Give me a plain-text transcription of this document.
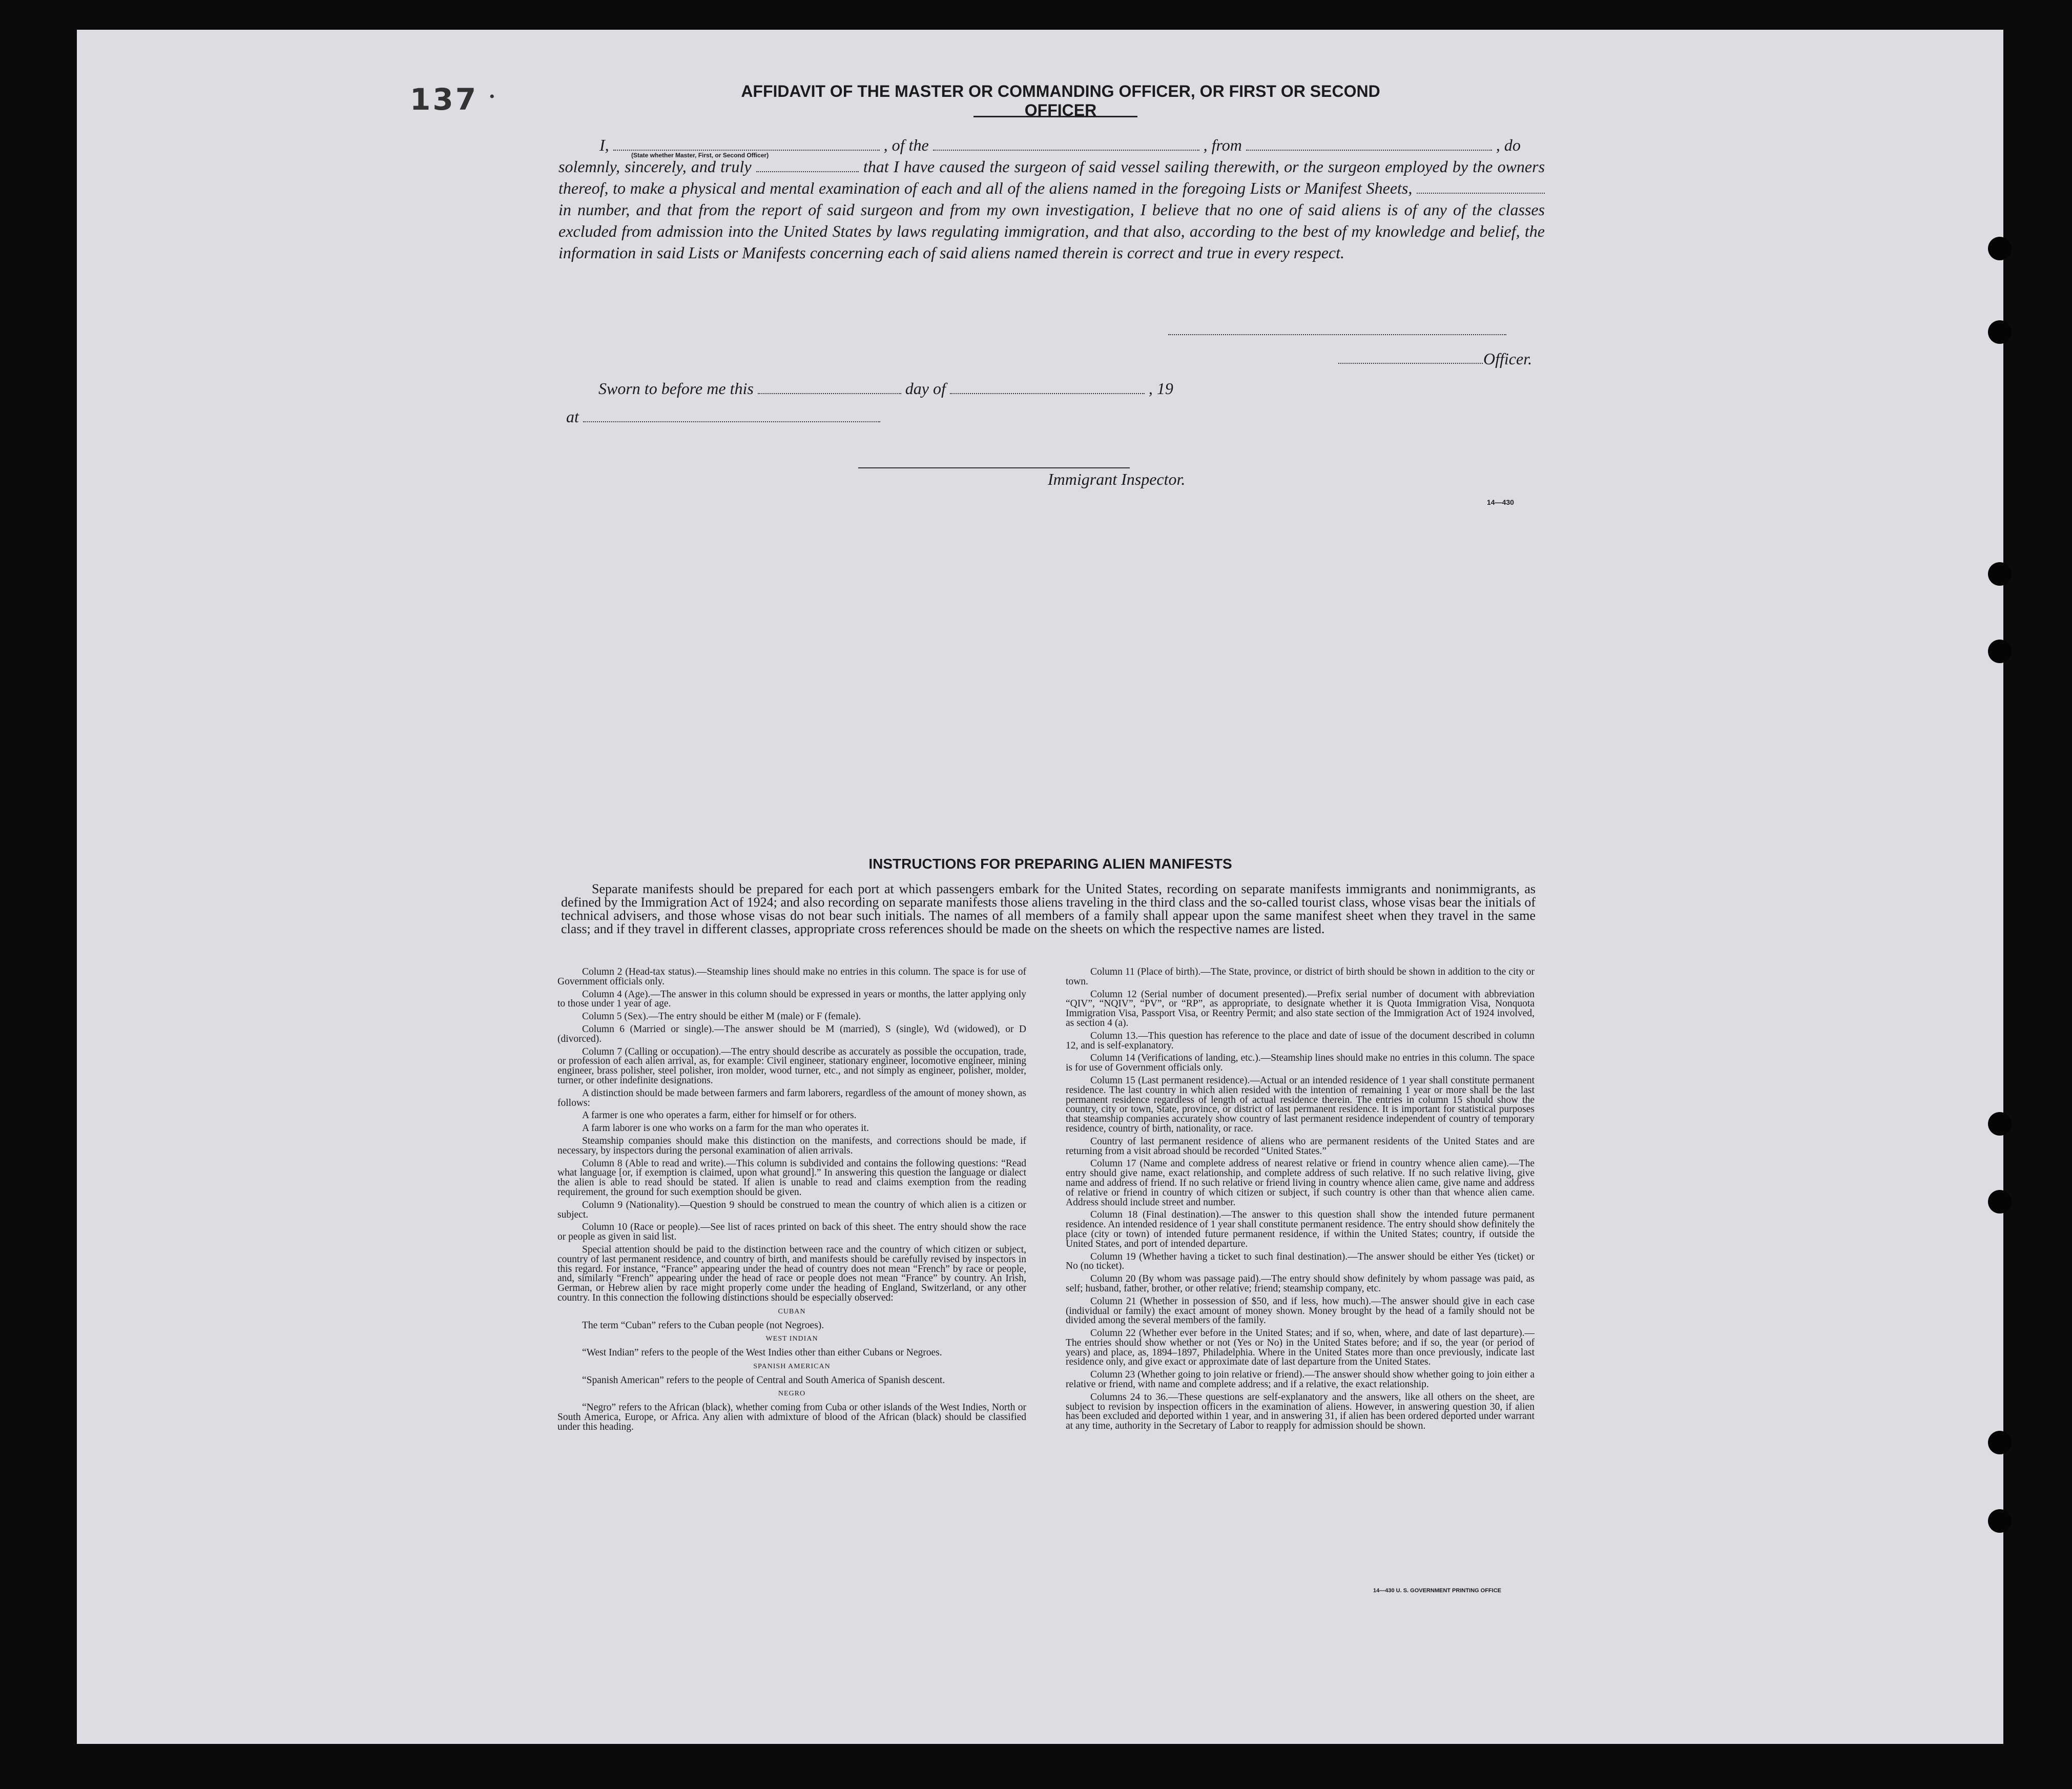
137 •	AFFIDAVIT OF THE MASTER OR COMMANDING OFFICER, OR FIRST OR SECOND OFFICER
(State whether Master, First, or Second Officer)
I,	, of the	, from	, do
solemnly, sincerely, and truly	that I have caused the surgeon of said vessel sailing therewith, or the surgeon employed by the owners thereof, to make a physical and mental examination of each and all of the aliens named in the foregoing Lists or Manifest Sheets,  in number, and that from the report of said surgeon and from my own investigation, I believe that no one of said aliens is of any of the classes excluded from admission into the United States by laws regulating immigration, and that also, according to the best of my knowledge and belief, the information in said Lists or Manifests concerning each of said aliens named therein is correct and true in every respect.
Officer.
Sworn to before me this	day of	, 19
at
Immigrant Inspector.
14—430
INSTRUCTIONS FOR PREPARING ALIEN MANIFESTS
Separate manifests should be prepared for each port at which passengers embark for the United States, recording on separate manifests immigrants and nonimmigrants, as defined by the Immigration Act of 1924; and also recording on separate manifests those aliens traveling in the third class and the so-called tourist class, whose visas bear the initials of technical advisers, and those whose visas do not bear such initials. The names of all members of a family shall appear upon the same manifest sheet when they travel in the same class; and if they travel in different classes, appropriate cross references should be made on the sheets on which the respective names are listed.

Column 2 (Head-tax status).—Steamship lines should make no entries in this column. The space is for use of Government officials only.

Column 4 (Age).—The answer in this column should be expressed in years or months, the latter applying only to those under 1 year of age.

Column 5 (Sex).—The entry should be either M (male) or F (female).

Column 6 (Married or single).—The answer should be M (married), S (single), Wd (widowed), or D (divorced).

Column 7 (Calling or occupation).—The entry should describe as accurately as possible the occupation, trade, or profession of each alien arrival, as, for example: Civil engineer, stationary engineer, locomotive engineer, mining engineer, brass polisher, steel polisher, iron molder, wood turner, etc., and not simply as engineer, polisher, molder, turner, or other indefinite designations.

A distinction should be made between farmers and farm laborers, regardless of the amount of money shown, as follows:

A farmer is one who operates a farm, either for himself or for others.

A farm laborer is one who works on a farm for the man who operates it.

Steamship companies should make this distinction on the manifests, and corrections should be made, if necessary, by inspectors during the personal examination of alien arrivals.

Column 8 (Able to read and write).—This column is subdivided and contains the following questions: “Read what language [or, if exemption is claimed, upon what ground].” In answering this question the language or dialect the alien is able to read should be stated. If alien is unable to read and claims exemption from the reading requirement, the ground for such exemption should be given.

Column 9 (Nationality).—Question 9 should be construed to mean the country of which alien is a citizen or subject.

Column 10 (Race or people).—See list of races printed on back of this sheet. The entry should show the race or people as given in said list.

Special attention should be paid to the distinction between race and the country of which citizen or subject, country of last permanent residence, and country of birth, and manifests should be carefully revised by inspectors in this regard. For instance, “France” appearing under the head of country does not mean “French” by race or people, and, similarly “French” appearing under the head of race or people does not mean “France” by country. An Irish, German, or Hebrew alien by race might properly come under the heading of England, Switzerland, or any other country. In this connection the following distinctions should be especially observed:

CUBAN

The term “Cuban” refers to the Cuban people (not Negroes).

WEST INDIAN

“West Indian” refers to the people of the West Indies other than either Cubans or Negroes.

SPANISH AMERICAN

“Spanish American” refers to the people of Central and South America of Spanish descent.

NEGRO

“Negro” refers to the African (black), whether coming from Cuba or other islands of the West Indies, North or South America, Europe, or Africa. Any alien with admixture of blood of the African (black) should be classified under this heading.

Column 11 (Place of birth).—The State, province, or district of birth should be shown in addition to the city or town.

Column 12 (Serial number of document presented).—Prefix serial number of document with abbreviation “QIV”, “NQIV”, “PV”, or “RP”, as appropriate, to designate whether it is Quota Immigration Visa, Nonquota Immigration Visa, Passport Visa, or Reentry Permit; and also state section of the Immigration Act of 1924 involved, as section 4 (a).

Column 13.—This question has reference to the place and date of issue of the document described in column 12, and is self-explanatory.

Column 14 (Verifications of landing, etc.).—Steamship lines should make no entries in this column. The space is for use of Government officials only.

Column 15 (Last permanent residence).—Actual or an intended residence of 1 year shall constitute permanent residence. The last country in which alien resided with the intention of remaining 1 year or more shall be the last permanent residence regardless of length of actual residence therein. The entries in column 15 should show the country, city or town, State, province, or district of last permanent residence. It is important for statistical purposes that steamship companies accurately show country of last permanent residence independent of country of temporary residence, country of birth, nationality, or race.

Country of last permanent residence of aliens who are permanent residents of the United States and are returning from a visit abroad should be recorded “United States.”

Column 17 (Name and complete address of nearest relative or friend in country whence alien came).—The entry should give name, exact relationship, and complete address of such relative. If no such relative living, give name and address of friend. If no such relative or friend living in country whence alien came, give name and address of relative or friend in country of which citizen or subject, if such country is other than that whence alien came. Address should include street and number.

Column 18 (Final destination).—The answer to this question shall show the intended future permanent residence. An intended residence of 1 year shall constitute permanent residence. The entry should show definitely the place (city or town) of intended future permanent residence, if within the United States; country, if outside the United States, and port of intended departure.

Column 19 (Whether having a ticket to such final destination).—The answer should be either Yes (ticket) or No (no ticket).

Column 20 (By whom was passage paid).—The entry should show definitely by whom passage was paid, as self; husband, father, brother, or other relative; friend; steamship company, etc.

Column 21 (Whether in possession of $50, and if less, how much).—The answer should give in each case (individual or family) the exact amount of money shown. Money brought by the head of a family should not be divided among the several members of the family.

Column 22 (Whether ever before in the United States; and if so, when, where, and date of last departure).—The entries should show whether or not (Yes or No) in the United States before; and if so, the year (or period of years) and place, as, 1894–1897, Philadelphia. Where in the United States more than once previously, indicate last residence only, and give exact or approximate date of last departure from the United States.

Column 23 (Whether going to join relative or friend).—The answer should show whether going to join either a relative or friend, with name and complete address; and if a relative, the exact relationship.

Columns 24 to 36.—These questions are self-explanatory and the answers, like all others on the sheet, are subject to revision by inspection officers in the examination of aliens. However, in answering question 30, if alien has been excluded and deported within 1 year, and in answering 31, if alien has been ordered deported under warrant at any time, authority in the Secretary of Labor to reapply for admission should be shown.

14—430 U. S. GOVERNMENT PRINTING OFFICE
